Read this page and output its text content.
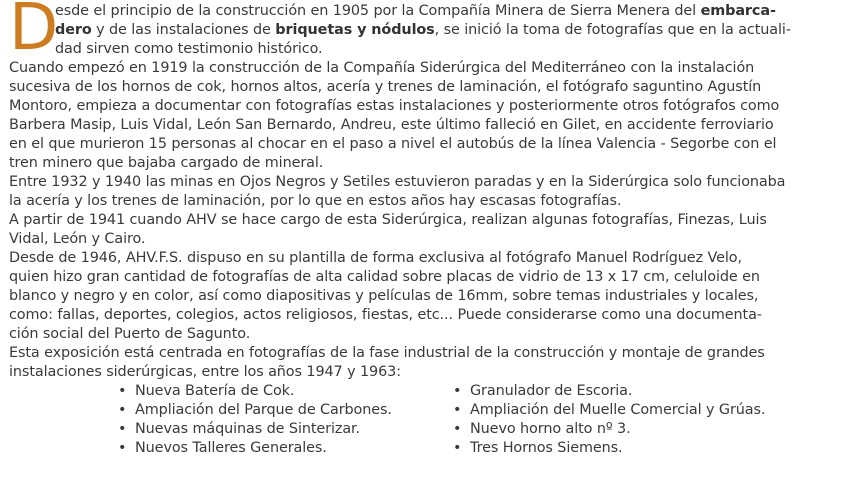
D
esde el principio de la construcción en 1905 por la Compañía Minera de Sierra Menera del embarca-
dero y de las instalaciones de briquetas y nódulos, se inició la toma de fotografías que en la actuali-
dad sirven como testimonio histórico.
Cuando empezó en 1919 la construcción de la Compañía Siderúrgica del Mediterráneo con la instalación
sucesiva de los hornos de cok, hornos altos, acería y trenes de laminación, el fotógrafo saguntino Agustín
Montoro, empieza a documentar con fotografías estas instalaciones y posteriormente otros fotógrafos como
Barbera Masip, Luis Vidal, León San Bernardo, Andreu, este último falleció en Gilet, en accidente ferroviario
en el que murieron 15 personas al chocar en el paso a nivel el autobús de la línea Valencia - Segorbe con el
tren minero que bajaba cargado de mineral.
Entre 1932 y 1940 las minas en Ojos Negros y Setiles estuvieron paradas y en la Siderúrgica solo funcionaba
la acería y los trenes de laminación, por lo que en estos años hay escasas fotografías.
A partir de 1941 cuando AHV se hace cargo de esta Siderúrgica, realizan algunas fotografías, Finezas, Luis
Vidal, León y Cairo.
Desde de 1946, AHV.F.S. dispuso en su plantilla de forma exclusiva al fotógrafo Manuel Rodríguez Velo,
quien hizo gran cantidad de fotografías de alta calidad sobre placas de vidrio de 13 x 17 cm, celuloide en
blanco y negro y en color, así como diapositivas y películas de 16mm, sobre temas industriales y locales,
como: fallas, deportes, colegios, actos religiosos, fiestas, etc... Puede considerarse como una documenta-
ción social del Puerto de Sagunto.
Esta exposición está centrada en fotografías de la fase industrial de la construcción y montaje de grandes
instalaciones siderúrgicas, entre los años 1947 y 1963:
• Nueva Batería de Cok.
• Ampliación del Parque de Carbones.
• Nuevas máquinas de Sinterizar.
• Nuevos Talleres Generales.
• Granulador de Escoria.
• Ampliación del Muelle Comercial y Grúas.
• Nuevo horno alto nº 3.
• Tres Hornos Siemens.
